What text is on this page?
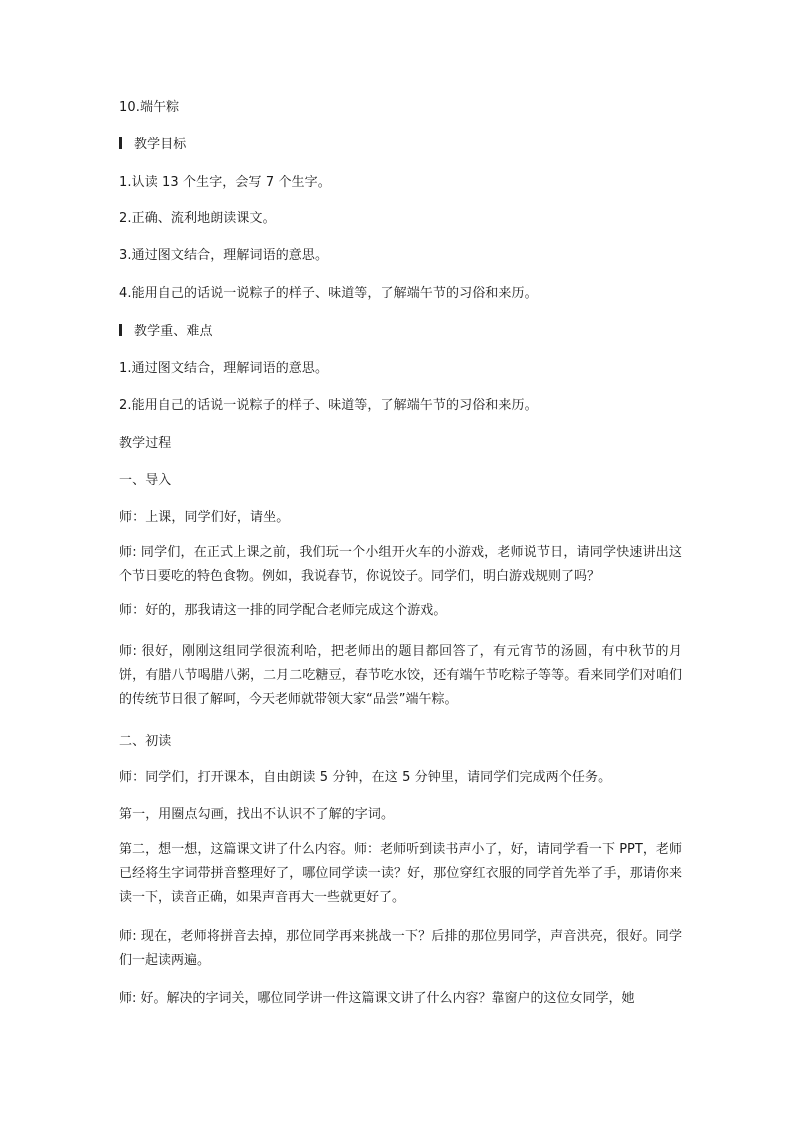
10.端午粽
教学目标
1.认读 13 个生字，会写 7 个生字。
2.正确、流利地朗读课文。
3.通过图文结合，理解词语的意思。
4.能用自己的话说一说粽子的样子、味道等，了解端午节的习俗和来历。
教学重、难点
1.通过图文结合，理解词语的意思。
2.能用自己的话说一说粽子的样子、味道等，了解端午节的习俗和来历。
教学过程
一、导入
师：上课，同学们好，请坐。
师: 同学们，在正式上课之前，我们玩一个小组开火车的小游戏，老师说节日，请同学快速讲出这个节日要吃的特色食物。例如，我说春节，你说饺子。同学们，明白游戏规则了吗？
师：好的，那我请这一排的同学配合老师完成这个游戏。
师: 很好，刚刚这组同学很流利哈，把老师出的题目都回答了，有元宵节的汤圆，有中秋节的月饼，有腊八节喝腊八粥，二月二吃糖豆，春节吃水饺，还有端午节吃粽子等等。看来同学们对咱们的传统节日很了解呵，今天老师就带领大家“品尝”端午粽。
二、初读
师：同学们，打开课本，自由朗读 5 分钟，在这 5 分钟里，请同学们完成两个任务。
第一，用圈点勾画，找出不认识不了解的字词。
第二，想一想，这篇课文讲了什么内容。师：老师听到读书声小了，好，请同学看一下 PPT，老师已经将生字词带拼音整理好了，哪位同学读一读？好，那位穿红衣服的同学首先举了手，那请你来读一下，读音正确，如果声音再大一些就更好了。
师: 现在，老师将拼音去掉，那位同学再来挑战一下？后排的那位男同学，声音洪亮，很好。同学们一起读两遍。
师: 好。解决的字词关，哪位同学讲一件这篇课文讲了什么内容？靠窗户的这位女同学，她
